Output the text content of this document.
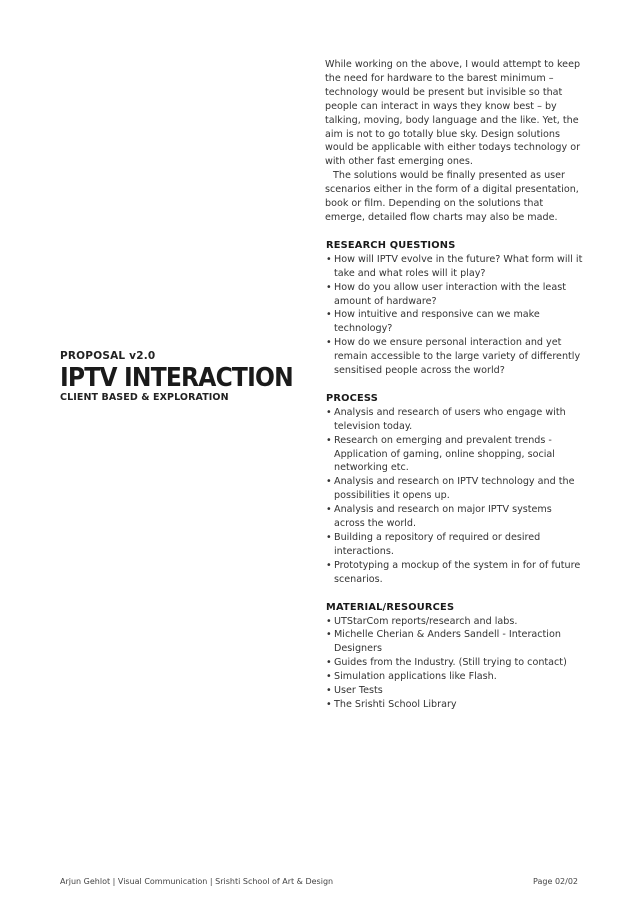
PROPOSAL v2.0
IPTV INTERACTION
CLIENT BASED & EXPLORATION

While working on the above, I would attempt to keep the need for hardware to the barest minimum – technology would be present but invisible so that people can interact in ways they know best – by talking, moving, body language and the like. Yet, the aim is not to go totally blue sky. Design solutions would be applicable with either todays technology or with other fast emerging ones.

The solutions would be finally presented as user scenarios either in the form of a digital presentation, book or film. Depending on the solutions that emerge, detailed flow charts may also be made.

RESEARCH QUESTIONS
• How will IPTV evolve in the future? What form will it take and what roles will it play?
• How do you allow user interaction with the least amount of hardware?
• How intuitive and responsive can we make technology?
• How do we ensure personal interaction and yet remain accessible to the large variety of differently sensitised people across the world?
PROCESS
• Analysis and research of users who engage with television today.
• Research on emerging and prevalent trends - Application of gaming, online shopping, social networking etc.
• Analysis and research on IPTV technology and the possibilities it opens up.
• Analysis and research on major IPTV systems across the world.
• Building a repository of required or desired interactions.
• Prototyping a mockup of the system in for of future scenarios.
MATERIAL/RESOURCES
• UTStarCom reports/research and labs.
• Michelle Cherian & Anders Sandell - Interaction Designers
• Guides from the Industry. (Still trying to contact)
• Simulation applications like Flash.
• User Tests
• The Srishti School Library
Arjun Gehlot | Visual Communication | Srishti School of Art & Design	Page 02/02
